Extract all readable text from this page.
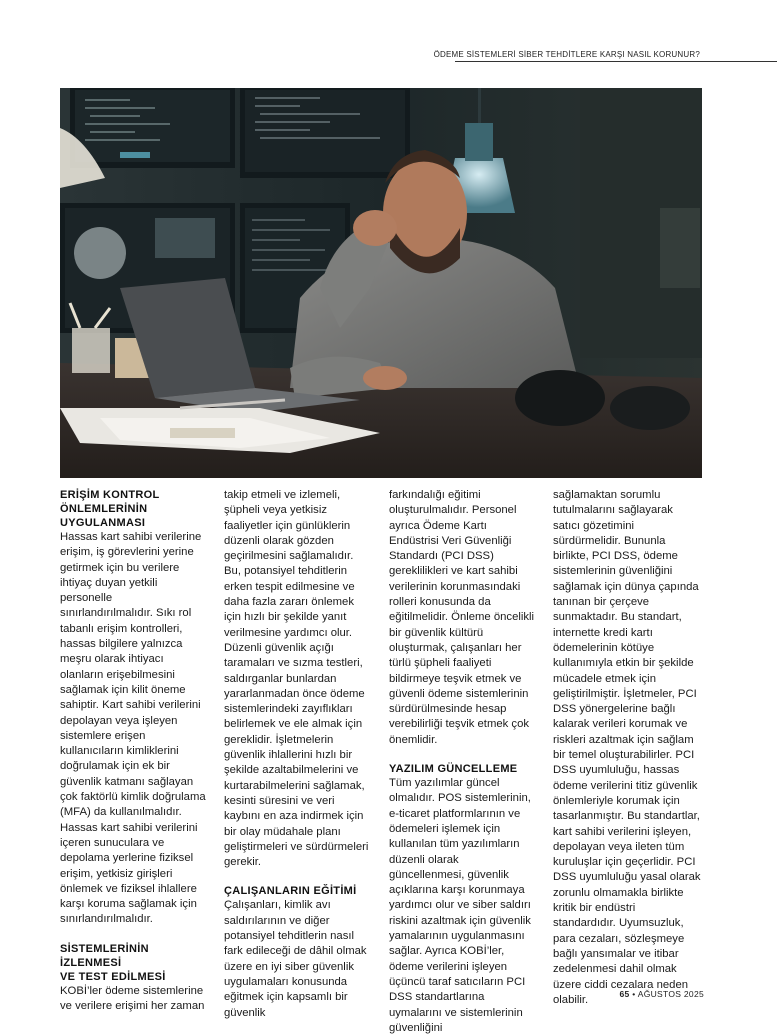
ÖDEME SİSTEMLERİ SİBER TEHDİTLERE KARŞI NASIL KORUNUR?
ERİŞİM KONTROL
ÖNLEMLERİNİN
UYGULANMASI

Hassas kart sahibi verilerine erişim, iş görevlerini yerine getirmek için bu verilere ihtiyaç duyan yetkili personelle sınırlandırılmalıdır. Sıkı rol tabanlı erişim kontrolleri, hassas bilgilere yalnızca meşru olarak ihtiyacı olanların erişebilmesini sağlamak için kilit öneme sahiptir. Kart sahibi verilerini depolayan veya işleyen sistemlere erişen kullanıcıların kimliklerini doğrulamak için ek bir güvenlik katmanı sağlayan çok faktörlü kimlik doğrulama (MFA) da kullanılmalıdır. Hassas kart sahibi verilerini içeren sunuculara ve depolama yerlerine fiziksel erişim, yetkisiz girişleri önlemek ve fiziksel ihlallere karşı koruma sağlamak için sınırlandırılmalıdır.

SİSTEMLERİNİN
İZLENMESİ
VE TEST EDİLMESİ

KOBİ’ler ödeme sistemlerine ve verilere erişimi her zaman

takip etmeli ve izlemeli, şüpheli veya yetkisiz faaliyetler için günlüklerin düzenli olarak gözden geçirilmesini sağlamalıdır. Bu, potansiyel tehditlerin erken tespit edilmesine ve daha fazla zararı önlemek için hızlı bir şekilde yanıt verilmesine yardımcı olur. Düzenli güvenlik açığı taramaları ve sızma testleri, saldırganlar bunlardan yararlanmadan önce ödeme sistemlerindeki zayıflıkları belirlemek ve ele almak için gereklidir. İşletmelerin güvenlik ihlallerini hızlı bir şekilde azaltabilmelerini ve kurtarabilmelerini sağlamak, kesinti süresini ve veri kaybını en aza indirmek için bir olay müdahale planı geliştirmeleri ve sürdürmeleri gerekir.

ÇALIŞANLARIN EĞİTİMİ

Çalışanları, kimlik avı saldırılarının ve diğer potansiyel tehditlerin nasıl fark edileceği de dâhil olmak üzere en iyi siber güvenlik uygulamaları konusunda eğitmek için kapsamlı bir güvenlik

farkındalığı eğitimi oluşturulmalıdır. Personel ayrıca Ödeme Kartı Endüstrisi Veri Güvenliği Standardı (PCI DSS) gereklilikleri ve kart sahibi verilerinin korunmasındaki rolleri konusunda da eğitilmelidir. Önleme öncelikli bir güvenlik kültürü oluşturmak, çalışanları her türlü şüpheli faaliyeti bildirmeye teşvik etmek ve güvenli ödeme sistemlerinin sürdürülmesinde hesap verebilirliği teşvik etmek çok önemlidir.

YAZILIM GÜNCELLEME

Tüm yazılımlar güncel olmalıdır. POS sistemlerinin, e-ticaret platformlarının ve ödemeleri işlemek için kullanılan tüm yazılımların düzenli olarak güncellenmesi, güvenlik açıklarına karşı korunmaya yardımcı olur ve siber saldırı riskini azaltmak için güvenlik yamalarının uygulanmasını sağlar. Ayrıca KOBİ’ler, ödeme verilerini işleyen üçüncü taraf satıcıların PCI DSS standartlarına uymalarını ve sistemlerinin güvenliğini

sağlamaktan sorumlu tutulmalarını sağlayarak satıcı gözetimini sürdürmelidir. Bununla birlikte, PCI DSS, ödeme sistemlerinin güvenliğini sağlamak için dünya çapında tanınan bir çerçeve sunmaktadır. Bu standart, internette kredi kartı ödemelerinin kötüye kullanımıyla etkin bir şekilde mücadele etmek için geliştirilmiştir. İşletmeler, PCI DSS yönergelerine bağlı kalarak verileri korumak ve riskleri azaltmak için sağlam bir temel oluşturabilirler. PCI DSS uyumluluğu, hassas ödeme verilerini titiz güvenlik önlemleriyle korumak için tasarlanmıştır. Bu standartlar, kart sahibi verilerini işleyen, depolayan veya ileten tüm kuruluşlar için geçerlidir. PCI DSS uyumluluğu yasal olarak zorunlu olmamakla birlikte kritik bir endüstri standardıdır. Uyumsuzluk, para cezaları, sözleşmeye bağlı yansımalar ve itibar zedelenmesi dahil olmak üzere ciddi cezalara neden olabilir.	65 • AĞUSTOS 2025
